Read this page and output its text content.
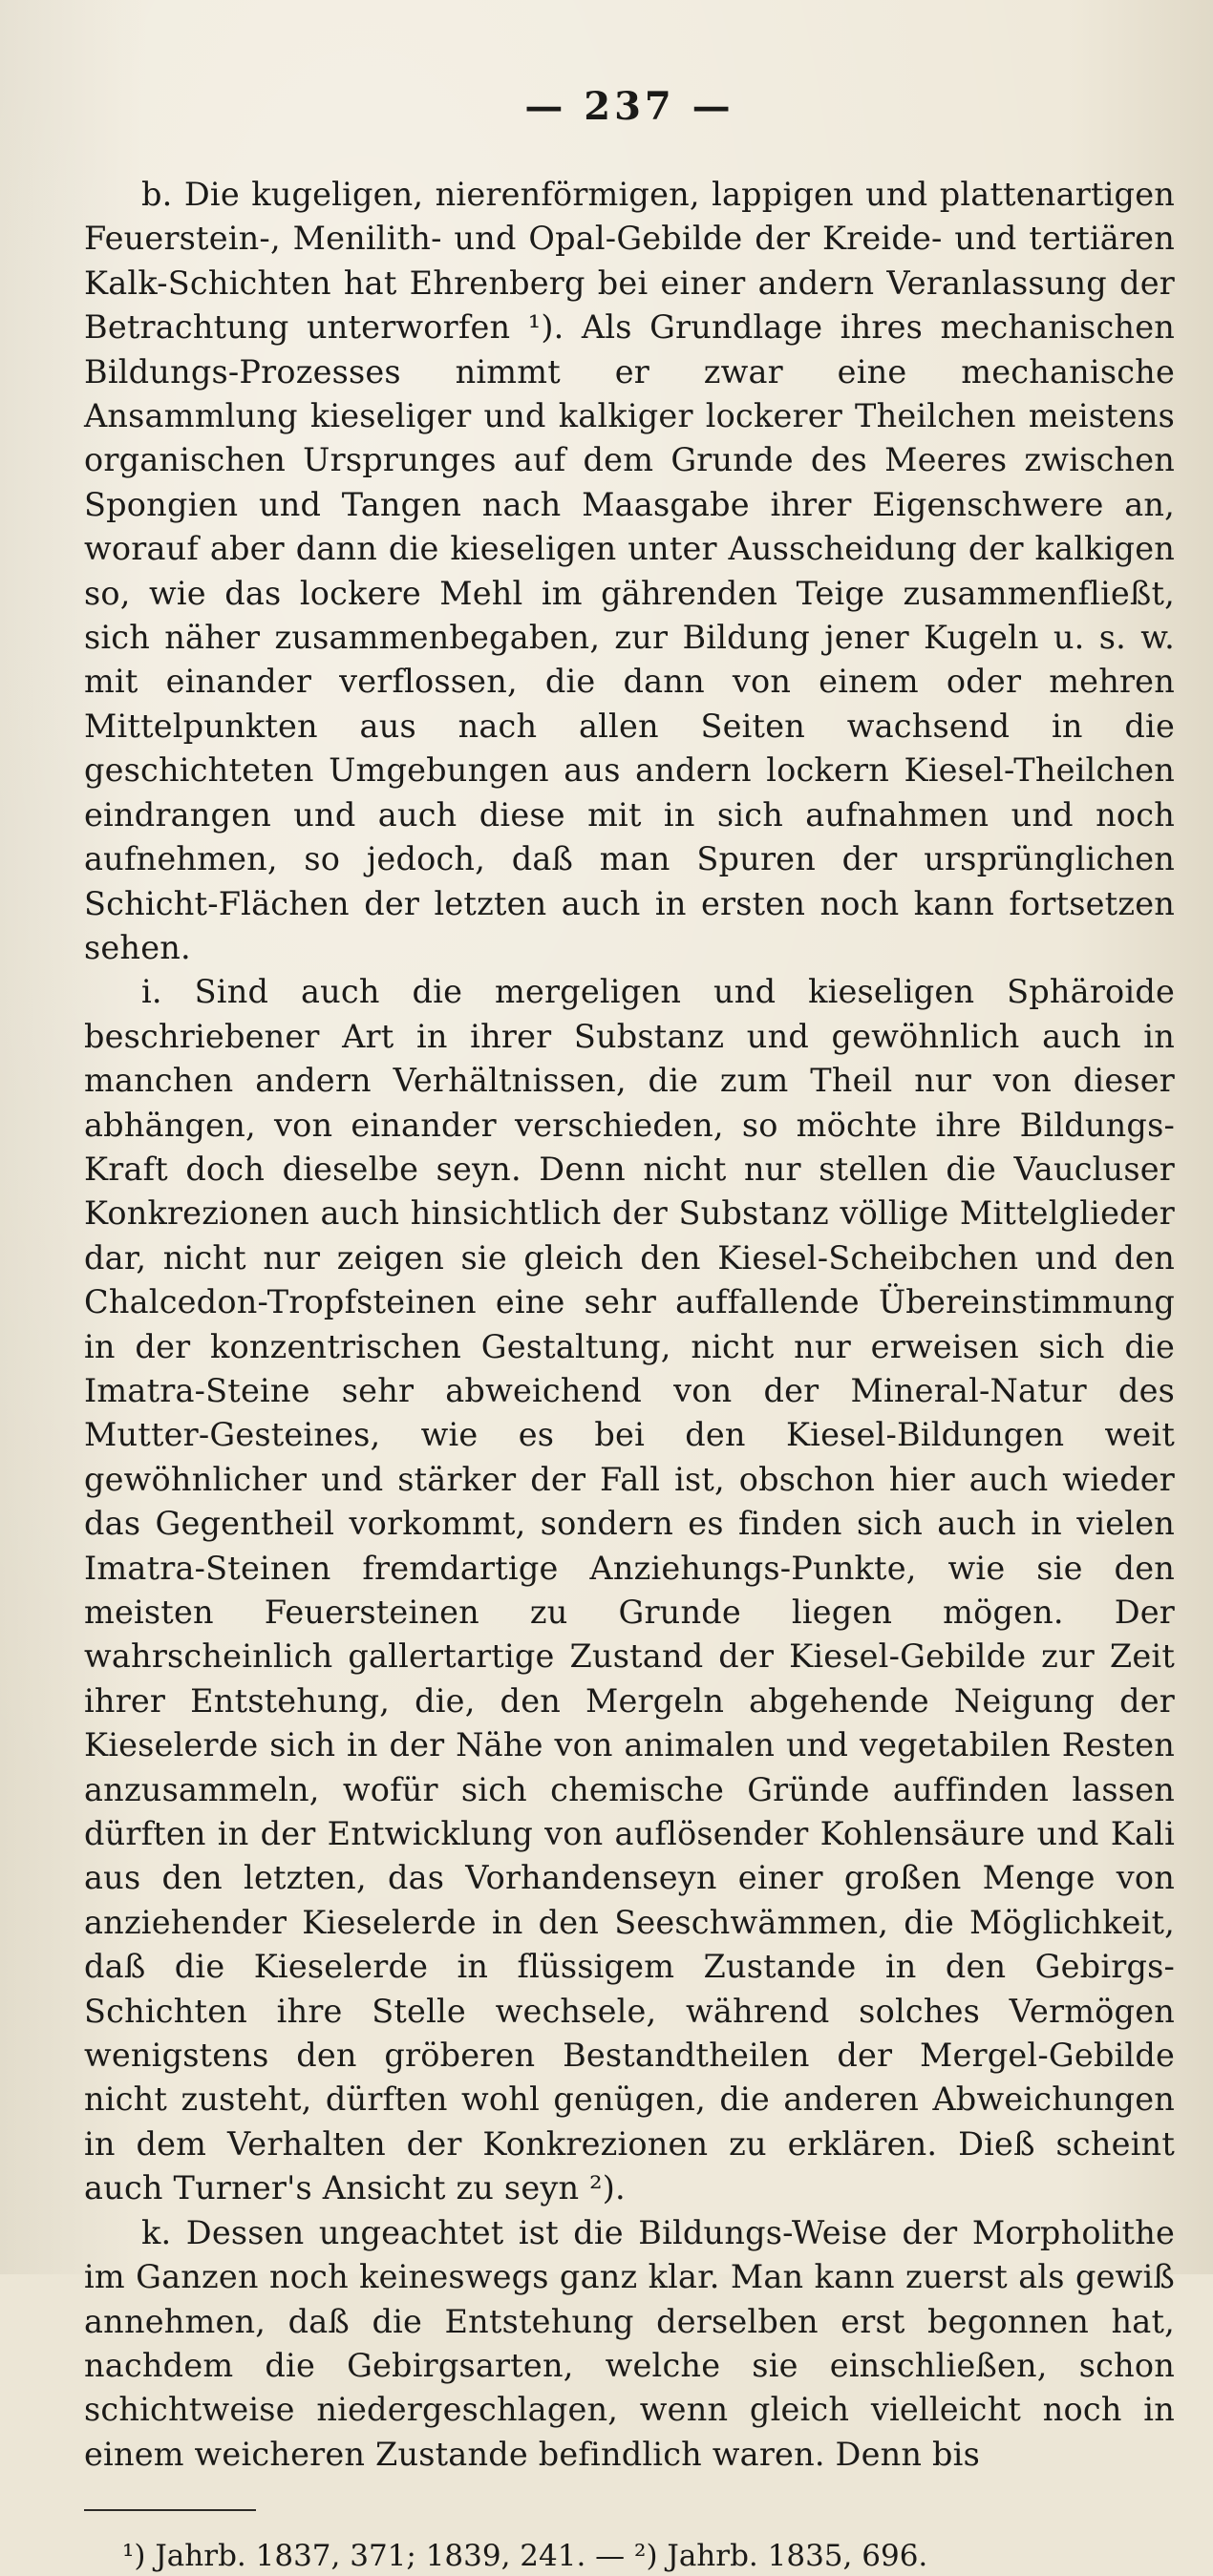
— 237 —

b. Die kugeligen, nierenförmigen, lappigen und plattenartigen Feuerstein-, Menilith- und Opal-Gebilde der Kreide- und tertiären Kalk-Schichten hat Ehrenberg bei einer andern Veranlassung der Betrachtung unterworfen ¹). Als Grundlage ihres mechanischen Bildungs-Prozesses nimmt er zwar eine mechanische Ansammlung kieseliger und kalkiger lockerer Theilchen meistens organischen Ursprunges auf dem Grunde des Meeres zwischen Spongien und Tangen nach Maasgabe ihrer Eigenschwere an, worauf aber dann die kieseligen unter Ausscheidung der kalkigen so, wie das lockere Mehl im gährenden Teige zusammenfließt, sich näher zusammenbegaben, zur Bildung jener Kugeln u. s. w. mit einander verflossen, die dann von einem oder mehren Mittelpunkten aus nach allen Seiten wachsend in die geschichteten Umgebungen aus andern lockern Kiesel-Theilchen eindrangen und auch diese mit in sich aufnahmen und noch aufnehmen, so jedoch, daß man Spuren der ursprünglichen Schicht-Flächen der letzten auch in ersten noch kann fortsetzen sehen.

i. Sind auch die mergeligen und kieseligen Sphäroide beschriebener Art in ihrer Substanz und gewöhnlich auch in manchen andern Verhältnissen, die zum Theil nur von dieser abhängen, von einander verschieden, so möchte ihre Bildungs-Kraft doch dieselbe seyn. Denn nicht nur stellen die Vaucluser Konkrezionen auch hinsichtlich der Substanz völlige Mittelglieder dar, nicht nur zeigen sie gleich den Kiesel-Scheibchen und den Chalcedon-Tropfsteinen eine sehr auffallende Übereinstimmung in der konzentrischen Gestaltung, nicht nur erweisen sich die Imatra-Steine sehr abweichend von der Mineral-Natur des Mutter-Gesteines, wie es bei den Kiesel-Bildungen weit gewöhnlicher und stärker der Fall ist, obschon hier auch wieder das Gegentheil vorkommt, sondern es finden sich auch in vielen Imatra-Steinen fremdartige Anziehungs-Punkte, wie sie den meisten Feuersteinen zu Grunde liegen mögen. Der wahrscheinlich gallertartige Zustand der Kiesel-Gebilde zur Zeit ihrer Entstehung, die, den Mergeln abgehende Neigung der Kieselerde sich in der Nähe von animalen und vegetabilen Resten anzusammeln, wofür sich chemische Gründe auffinden lassen dürften in der Entwicklung von auflösender Kohlensäure und Kali aus den letzten, das Vorhandenseyn einer großen Menge von anziehender Kieselerde in den Seeschwämmen, die Möglichkeit, daß die Kieselerde in flüssigem Zustande in den Gebirgs-Schichten ihre Stelle wechsele, während solches Vermögen wenigstens den gröberen Bestandtheilen der Mergel-Gebilde nicht zusteht, dürften wohl genügen, die anderen Abweichungen in dem Verhalten der Konkrezionen zu erklären. Dieß scheint auch Turner's Ansicht zu seyn ²).

k. Dessen ungeachtet ist die Bildungs-Weise der Morpholithe im Ganzen noch keineswegs ganz klar. Man kann zuerst als gewiß annehmen, daß die Entstehung derselben erst begonnen hat, nachdem die Gebirgsarten, welche sie einschließen, schon schichtweise niedergeschlagen, wenn gleich vielleicht noch in einem weicheren Zustande befindlich waren. Denn bis

¹) Jahrb. 1837, 371; 1839, 241. — ²) Jahrb. 1835, 696.
